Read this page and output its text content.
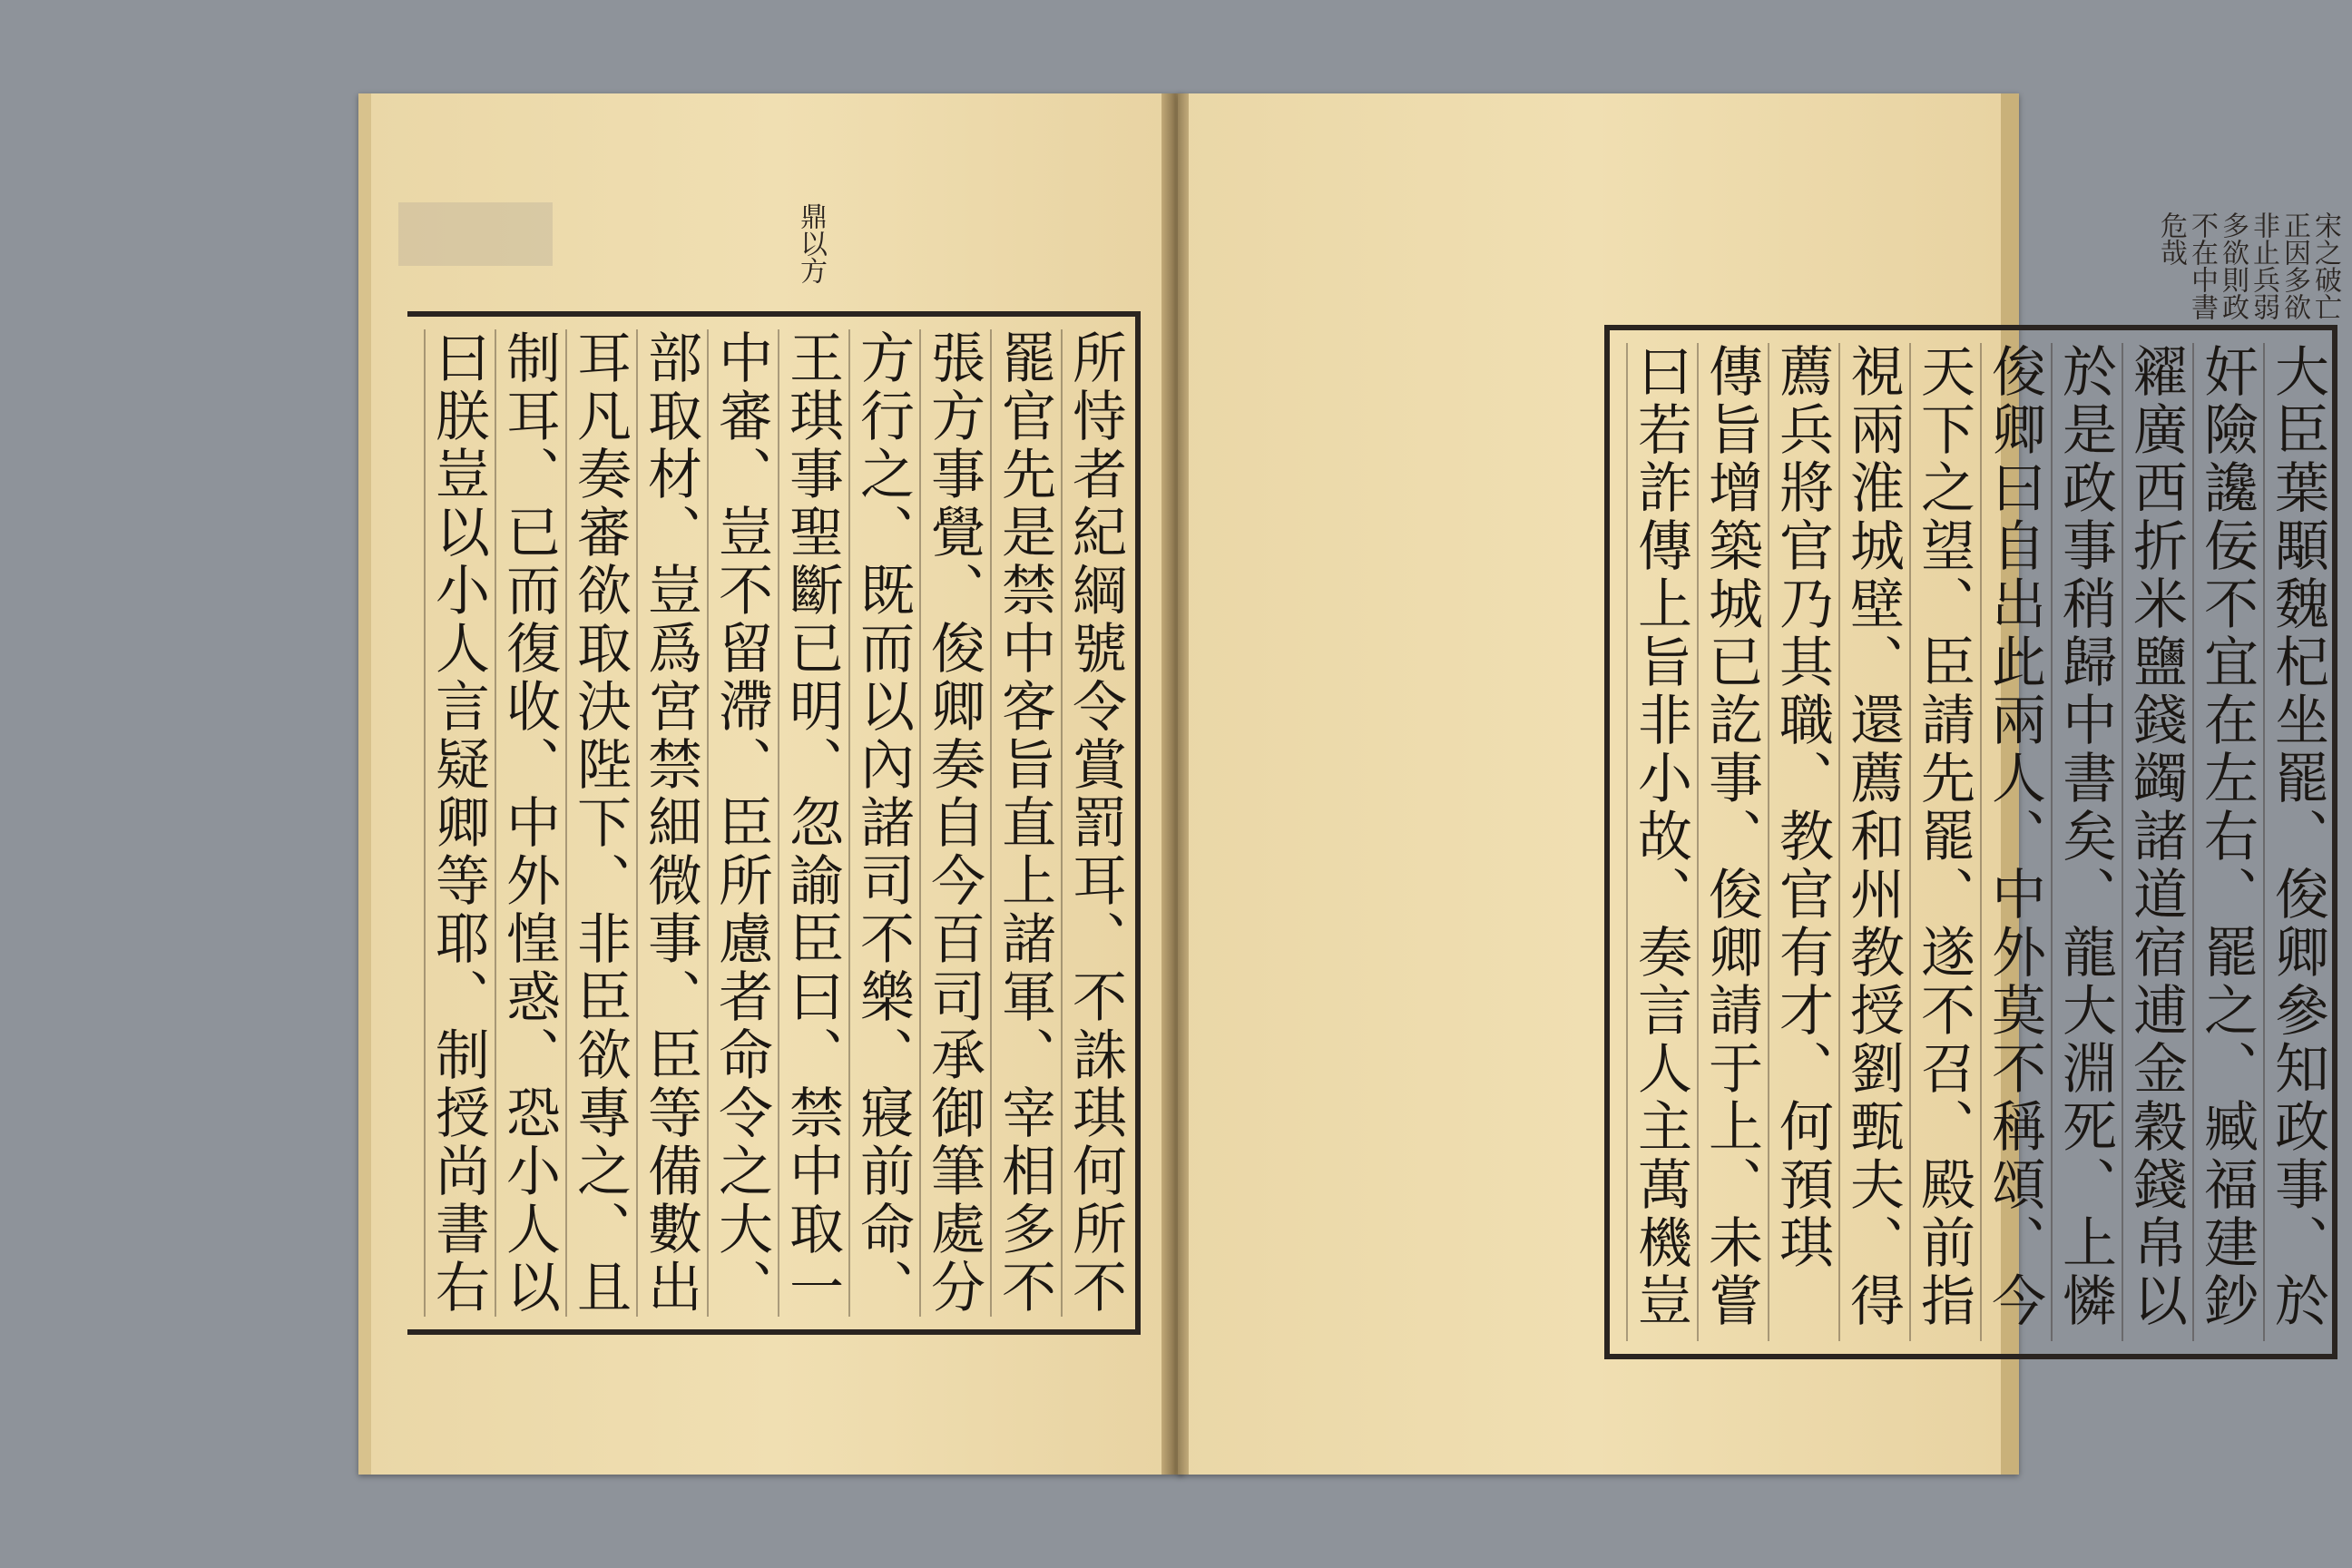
鼎以方
所恃者紀綱號令賞罰耳、不誅琪何所不
罷官先是禁中客旨直上諸軍、宰相多不
張方事覺、俊卿奏自今百司承御筆處分
方行之、既而以內諸司不樂、寢前命、
王琪事聖斷已明、忽諭臣曰、禁中取一
中審、豈不留滯、臣所慮者命令之大、
部取材、豈爲宮禁細微事、臣等備數出
耳凡奏審欲取決陛下、非臣欲專之、且
制耳、已而復收、中外惶惑、恐小人以
曰朕豈以小人言疑卿等耶、制授尚書右
宋之破亡
正因多欲
非止兵弱
多欲則政
不在中書
危哉
大臣葉顒魏杞坐罷、俊卿參知政事、於
奸險讒佞不宜在左右、罷之、臧福建鈔
糴廣西折米鹽錢蠲諸道宿逋金穀錢帛以
於是政事稍歸中書矣、龍大淵死、上憐
俊卿曰自出此兩人、中外莫不稱頌、今
天下之望、臣請先罷、遂不召、殿前指
視兩淮城壁、還薦和州教授劉甄夫、得
薦兵將官乃其職、教官有才、何預琪
傳旨增築城已訖事、俊卿請于上、未嘗
曰若詐傳上旨非小故、奏言人主萬機豈
